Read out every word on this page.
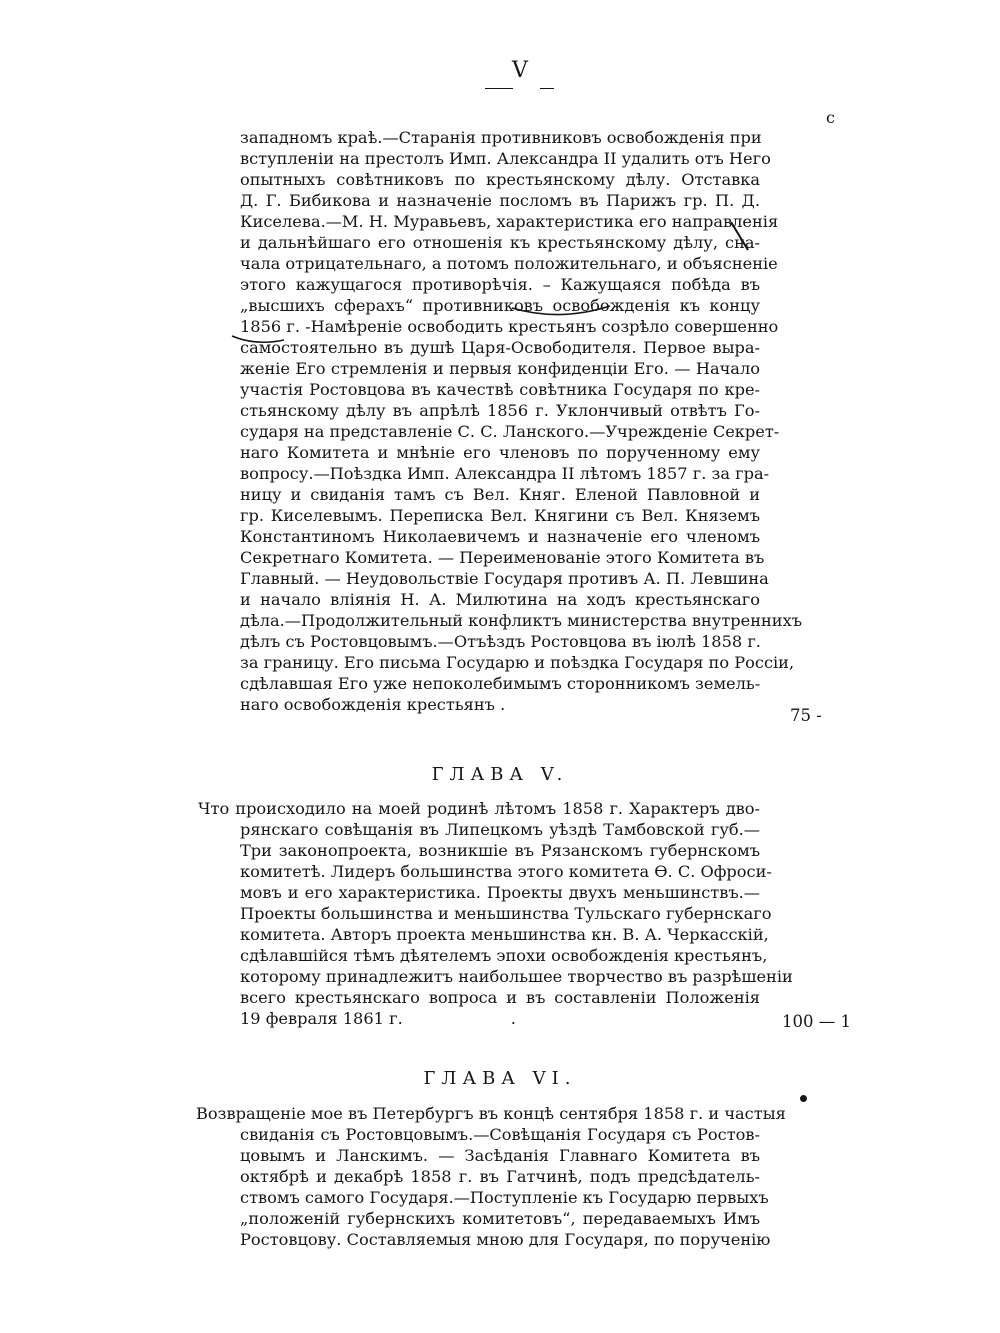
V
с
западномъ краѣ.—Старанія противниковъ освобожденія при
вступленіи на престолъ Имп. Александра II удалить отъ Него
опытныхъ совѣтниковъ по крестьянскому дѣлу. Отставка
Д. Г. Бибикова и назначеніе посломъ въ Парижъ гр. П. Д.
Киселева.—М. Н. Муравьевъ, характеристика его направленія
и дальнѣйшаго его отношенія къ крестьянскому дѣлу, сна-
чала отрицательнаго, а потомъ положительнаго, и объясненіе
этого кажущагося противорѣчія. – Кажущаяся побѣда въ
„высшихъ сферахъ“ противниковъ освобожденія къ концу
1856 г. -Намѣреніе освободить крестьянъ созрѣло совершенно
самостоятельно въ душѣ Царя-Освободителя. Первое выра-
женіе Его стремленія и первыя конфиденціи Его. — Начало
участія Ростовцова въ качествѣ совѣтника Государя по кре-
стьянскому дѣлу въ апрѣлѣ 1856 г. Уклончивый отвѣтъ Го-
сударя на представленіе С. С. Ланского.—Учрежденіе Секрет-
наго Комитета и мнѣніе его членовъ по порученному ему
вопросу.—Поѣздка Имп. Александра II лѣтомъ 1857 г. за гра-
ницу и свиданія тамъ съ Вел. Княг. Еленой Павловной и
гр. Киселевымъ. Переписка Вел. Княгини съ Вел. Княземъ
Константиномъ Николаевичемъ и назначеніе его членомъ
Секретнаго Комитета. — Переименованіе этого Комитета въ
Главный. — Неудовольствіе Государя противъ А. П. Левшина
и начало вліянія Н. А. Милютина на ходъ крестьянскаго
дѣла.—Продолжительный конфликтъ министерства внутреннихъ
дѣлъ съ Ростовцовымъ.—Отъѣздъ Ростовцова въ іюлѣ 1858 г.
за границу. Его письма Государю и поѣздка Государя по Россіи,
сдѣлавшая Его уже непоколебимымъ сторонникомъ земель-
наго освобожденія крестьянъ .
75 -
ГЛАВА V.
Что происходило на моей родинѣ лѣтомъ 1858 г. Характеръ дво-
рянскаго совѣщанія въ Липецкомъ уѣздѣ Тамбовской губ.—
Три законопроекта, возникшіе въ Рязанскомъ губернскомъ
комитетѣ. Лидеръ большинства этого комитета Ѳ. С. Офроси-
мовъ и его характеристика. Проекты двухъ меньшинствъ.—
Проекты большинства и меньшинства Тульскаго губернскаго
комитета. Авторъ проекта меньшинства кн. В. А. Черкасскій,
сдѣлавшійся тѣмъ дѣятелемъ эпохи освобожденія крестьянъ,
которому принадлежитъ наибольшее творчество въ разрѣшеніи
всего крестьянскаго вопроса и въ составленіи Положенія
19 февраля 1861 г.                     .	100 — 1
ГЛАВА VI.
Возвращеніе мое въ Петербургъ въ концѣ сентября 1858 г. и частыя
свиданія съ Ростовцовымъ.—Совѣщанія Государя съ Ростов-
цовымъ и Ланскимъ. — Засѣданія Главнаго Комитета въ
октябрѣ и декабрѣ 1858 г. въ Гатчинѣ, подъ предсѣдатель-
ствомъ самого Государя.—Поступленіе къ Государю первыхъ
„положеній губернскихъ комитетовъ“, передаваемыхъ Имъ
Ростовцову. Составляемыя мною для Государя, по порученію
